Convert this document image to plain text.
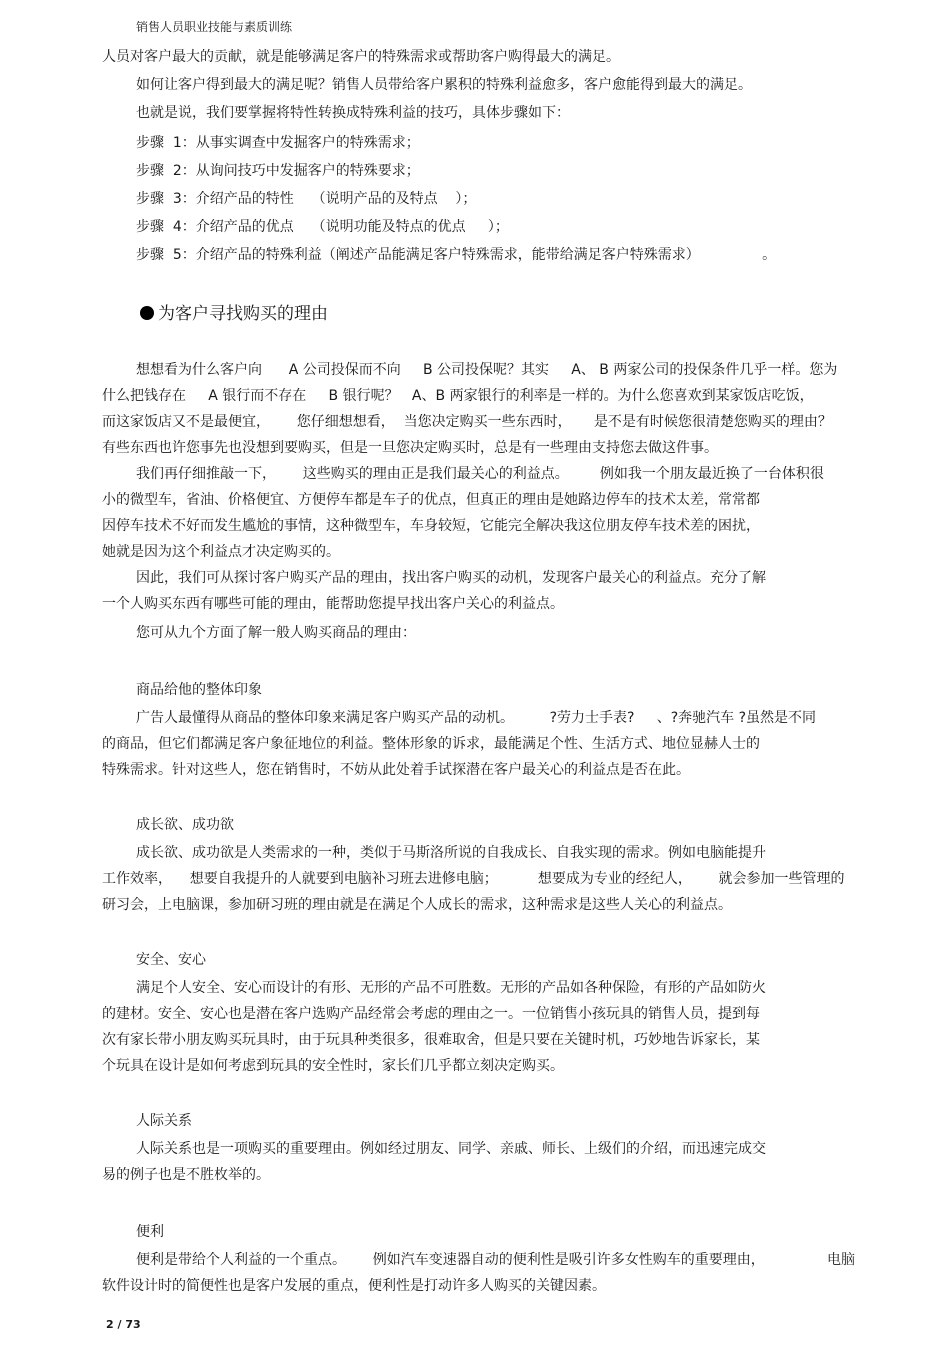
销售人员职业技能与素质训练
人员对客户最大的贡献，就是能够满足客户的特殊需求或帮助客户购得最大的满足。
如何让客户得到最大的满足呢？销售人员带给客户累积的特殊利益愈多，客户愈能得到最大的满足。
也就是说，我们要掌握将特性转换成特殊利益的技巧，具体步骤如下：
步骤  1：从事实调查中发掘客户的特殊需求；
步骤  2：从询问技巧中发掘客户的特殊要求；
步骤  3：介绍产品的特性    （说明产品的及特点    ）；
步骤  4：介绍产品的优点    （说明功能及特点的优点     ）；
步骤  5：介绍产品的特殊利益（阐述产品能满足客户特殊需求，能带给满足客户特殊需求）              。
为客户寻找购买的理由
想想看为什么客户向      A 公司投保而不向     B 公司投保呢？其实     A、 B 两家公司的投保条件几乎一样。您为
什么把钱存在     A 银行而不存在     B 银行呢？   A、B 两家银行的利率是一样的。为什么您喜欢到某家饭店吃饭，
而这家饭店又不是最便宜，      您仔细想想看，  当您决定购买一些东西时，     是不是有时候您很清楚您购买的理由？
有些东西也许您事先也没想到要购买，但是一旦您决定购买时，总是有一些理由支持您去做这件事。
我们再仔细推敲一下，      这些购买的理由正是我们最关心的利益点。       例如我一个朋友最近换了一台体积很
小的微型车，省油、价格便宜、方便停车都是车子的优点，但真正的理由是她路边停车的技术太差，常常都
因停车技术不好而发生尴尬的事情，这种微型车，车身较短，它能完全解决我这位朋友停车技术差的困扰，
她就是因为这个利益点才决定购买的。
因此，我们可从探讨客户购买产品的理由，找出客户购买的动机，发现客户最关心的利益点。充分了解
一个人购买东西有哪些可能的理由，能帮助您提早找出客户关心的利益点。
您可从九个方面了解一般人购买商品的理由：
商品给他的整体印象
广告人最懂得从商品的整体印象来满足客户购买产品的动机。        ?劳力士手表?     、?奔驰汽车 ?虽然是不同
的商品，但它们都满足客户象征地位的利益。整体形象的诉求，最能满足个性、生活方式、地位显赫人士的
特殊需求。针对这些人，您在销售时，不妨从此处着手试探潜在客户最关心的利益点是否在此。
成长欲、成功欲
成长欲、成功欲是人类需求的一种，类似于马斯洛所说的自我成长、自我实现的需求。例如电脑能提升
工作效率，    想要自我提升的人就要到电脑补习班去进修电脑；         想要成为专业的经纪人，      就会参加一些管理的
研习会，上电脑课，参加研习班的理由就是在满足个人成长的需求，这种需求是这些人关心的利益点。
安全、安心
满足个人安全、安心而设计的有形、无形的产品不可胜数。无形的产品如各种保险，有形的产品如防火
的建材。安全、安心也是潜在客户选购产品经常会考虑的理由之一。一位销售小孩玩具的销售人员，提到每
次有家长带小朋友购买玩具时，由于玩具种类很多，很难取舍，但是只要在关键时机，巧妙地告诉家长，某
个玩具在设计是如何考虑到玩具的安全性时，家长们几乎都立刻决定购买。
人际关系
人际关系也是一项购买的重要理由。例如经过朋友、同学、亲戚、师长、上级们的介绍，而迅速完成交
易的例子也是不胜枚举的。
便利
便利是带给个人利益的一个重点。      例如汽车变速器自动的便利性是吸引许多女性购车的重要理由，              电脑
软件设计时的简便性也是客户发展的重点，便利性是打动许多人购买的关键因素。
2 / 73
